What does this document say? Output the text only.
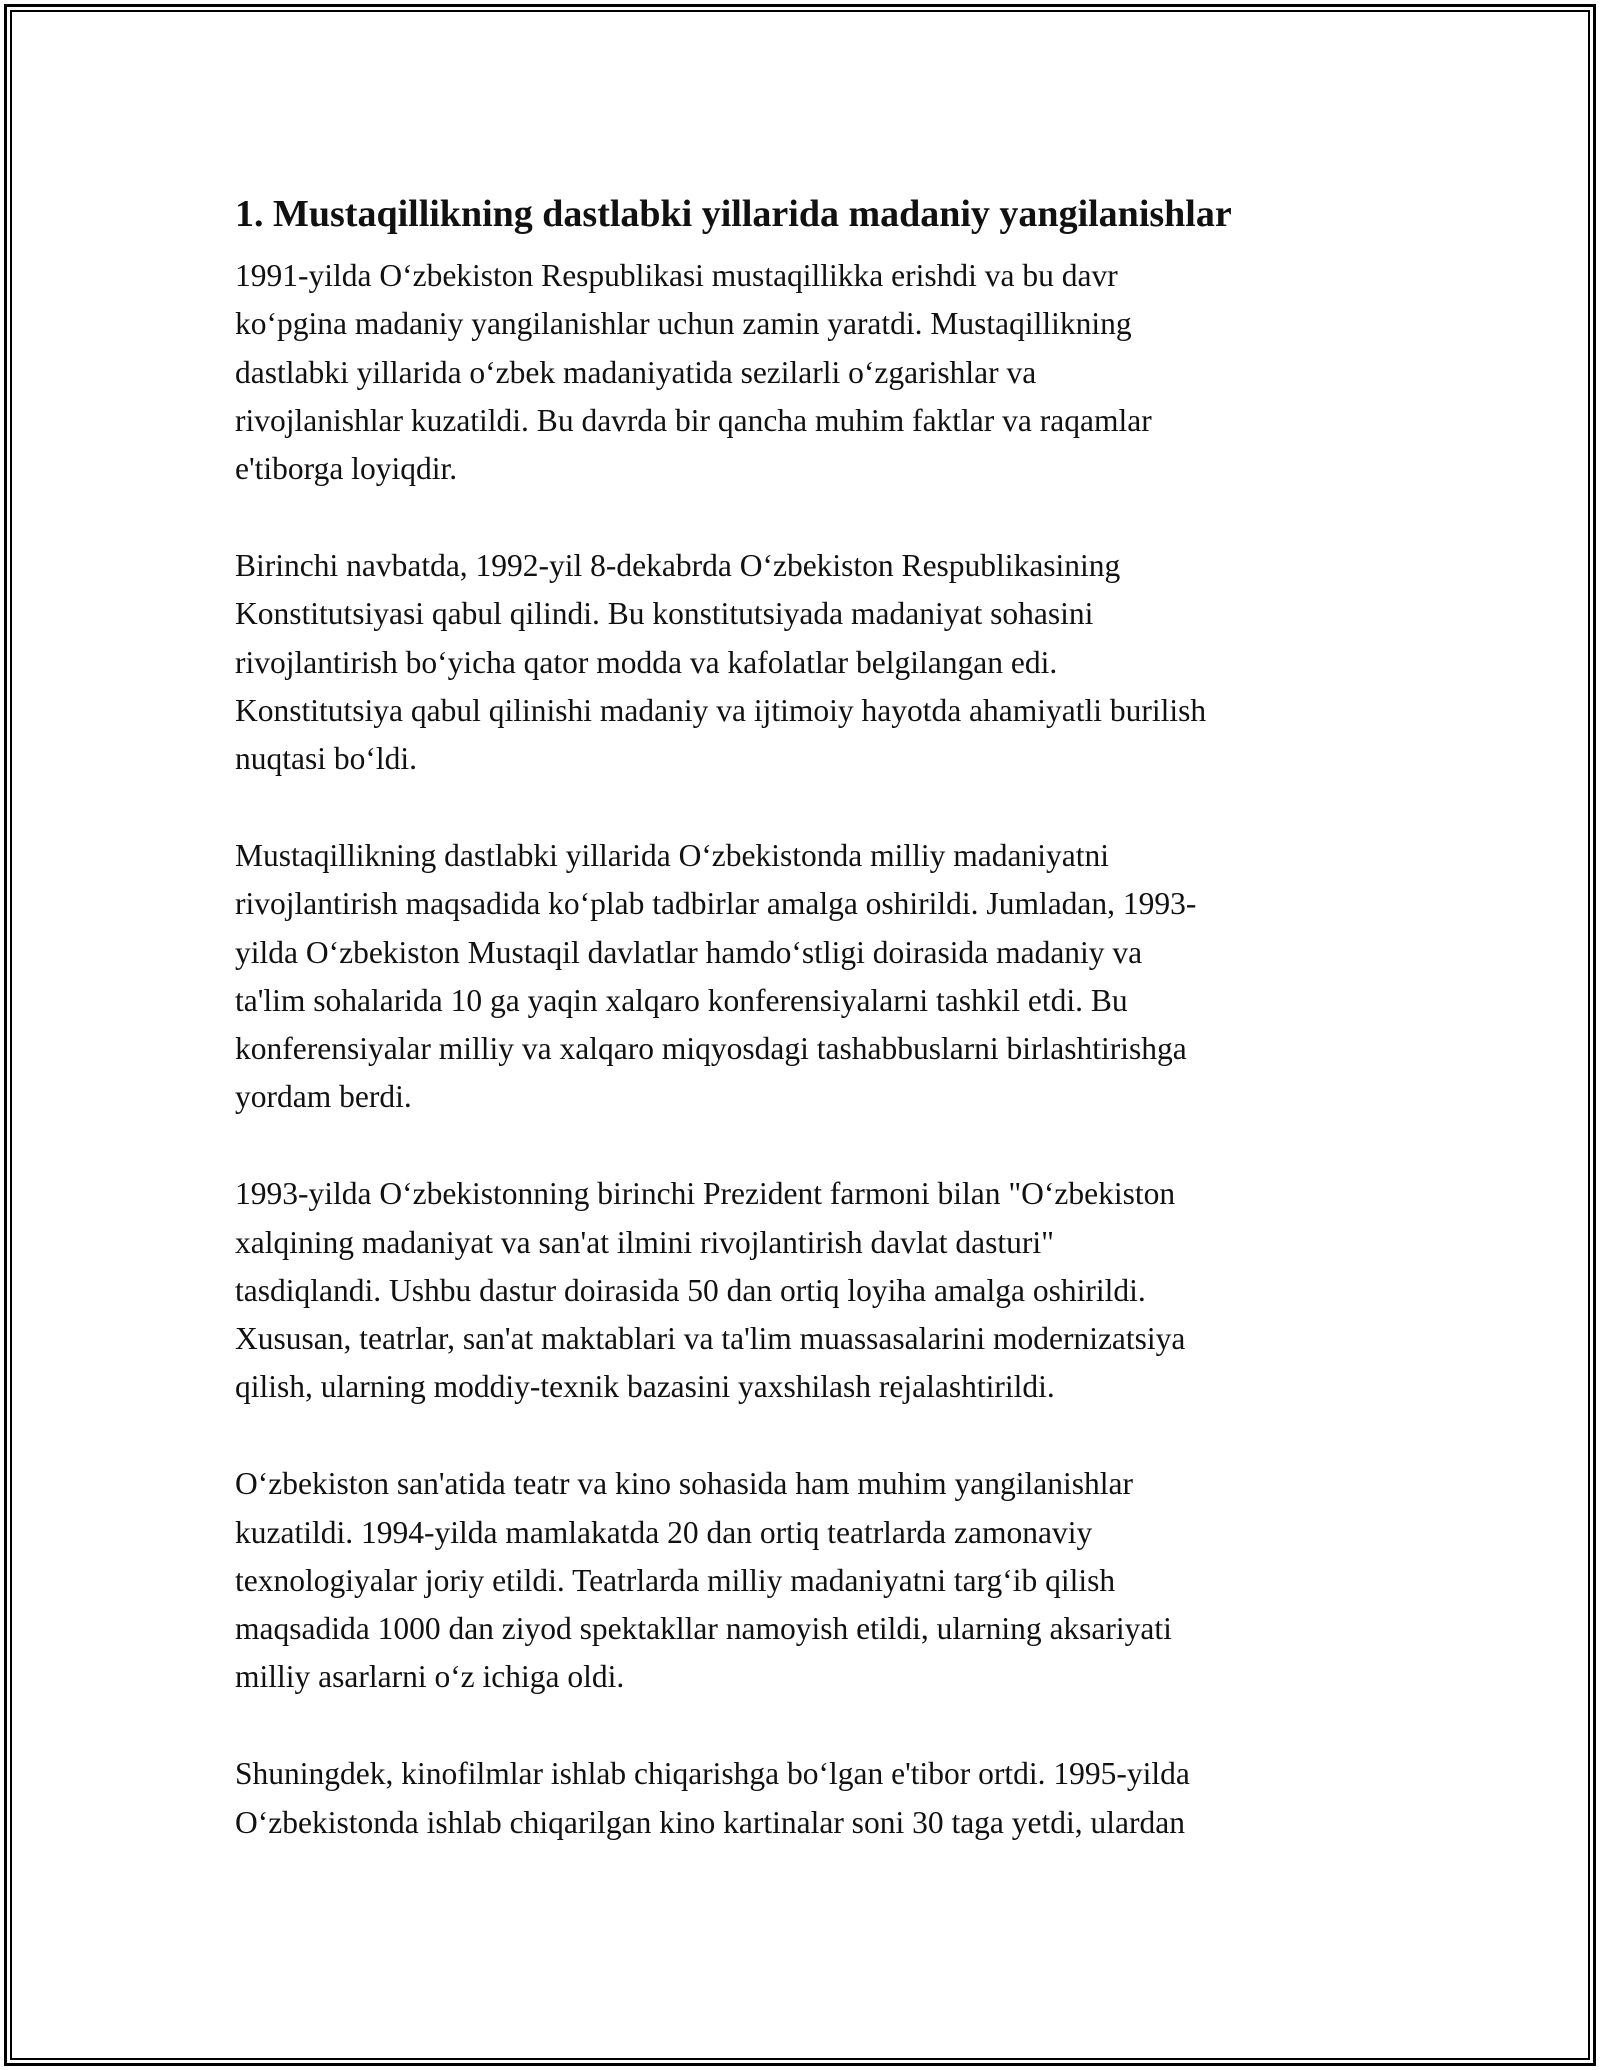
1. Mustaqillikning dastlabki yillarida madaniy yangilanishlar

1991-yilda O‘zbekiston Respublikasi mustaqillikka erishdi va bu davr
ko‘pgina madaniy yangilanishlar uchun zamin yaratdi. Mustaqillikning
dastlabki yillarida o‘zbek madaniyatida sezilarli o‘zgarishlar va
rivojlanishlar kuzatildi. Bu davrda bir qancha muhim faktlar va raqamlar
e'tiborga loyiqdir.

Birinchi navbatda, 1992-yil 8-dekabrda O‘zbekiston Respublikasining
Konstitutsiyasi qabul qilindi. Bu konstitutsiyada madaniyat sohasini
rivojlantirish bo‘yicha qator modda va kafolatlar belgilangan edi.
Konstitutsiya qabul qilinishi madaniy va ijtimoiy hayotda ahamiyatli burilish
nuqtasi bo‘ldi.

Mustaqillikning dastlabki yillarida O‘zbekistonda milliy madaniyatni
rivojlantirish maqsadida ko‘plab tadbirlar amalga oshirildi. Jumladan, 1993-
yilda O‘zbekiston Mustaqil davlatlar hamdo‘stligi doirasida madaniy va
ta'lim sohalarida 10 ga yaqin xalqaro konferensiyalarni tashkil etdi. Bu
konferensiyalar milliy va xalqaro miqyosdagi tashabbuslarni birlashtirishga
yordam berdi.

1993-yilda O‘zbekistonning birinchi Prezident farmoni bilan "O‘zbekiston
xalqining madaniyat va san'at ilmini rivojlantirish davlat dasturi"
tasdiqlandi. Ushbu dastur doirasida 50 dan ortiq loyiha amalga oshirildi.
Xususan, teatrlar, san'at maktablari va ta'lim muassasalarini modernizatsiya
qilish, ularning moddiy-texnik bazasini yaxshilash rejalashtirildi.

O‘zbekiston san'atida teatr va kino sohasida ham muhim yangilanishlar
kuzatildi. 1994-yilda mamlakatda 20 dan ortiq teatrlarda zamonaviy
texnologiyalar joriy etildi. Teatrlarda milliy madaniyatni targ‘ib qilish
maqsadida 1000 dan ziyod spektakllar namoyish etildi, ularning aksariyati
milliy asarlarni o‘z ichiga oldi.

Shuningdek, kinofilmlar ishlab chiqarishga bo‘lgan e'tibor ortdi. 1995-yilda
O‘zbekistonda ishlab chiqarilgan kino kartinalar soni 30 taga yetdi, ulardan
